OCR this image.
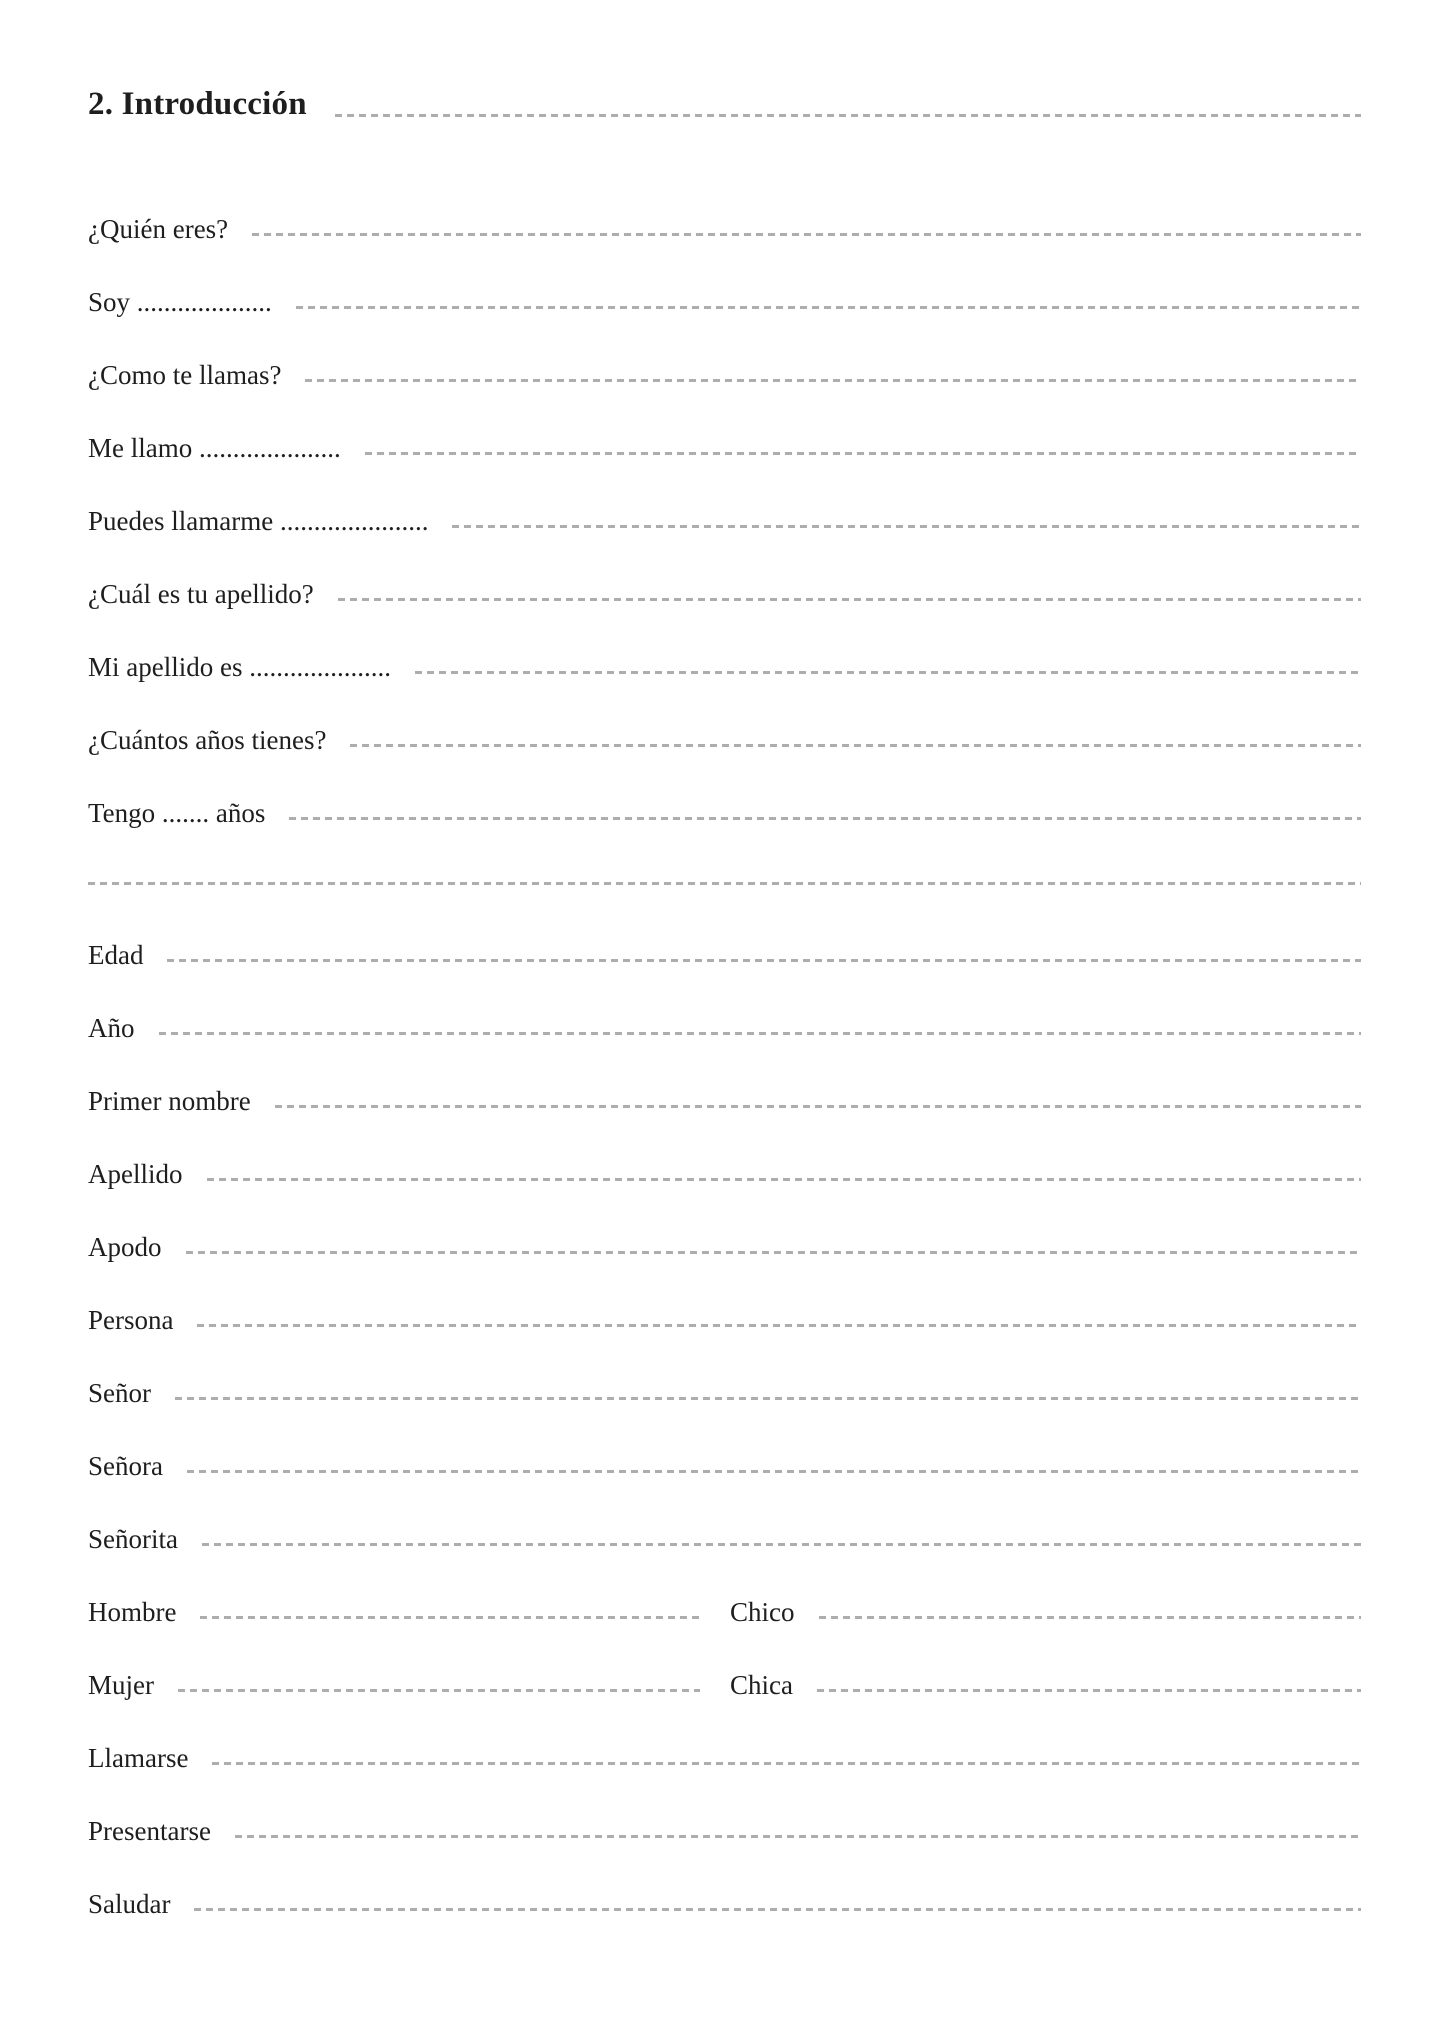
2. Introducción
¿Quién eres?
Soy ....................
¿Como te llamas?
Me llamo .....................
Puedes llamarme ......................
¿Cuál es tu apellido?
Mi apellido es .....................
¿Cuántos años tienes?
Tengo ....... años
Edad
Año
Primer nombre
Apellido
Apodo
Persona
Señor
Señora
Señorita
Hombre	Chico
Mujer	Chica
Llamarse
Presentarse
Saludar
